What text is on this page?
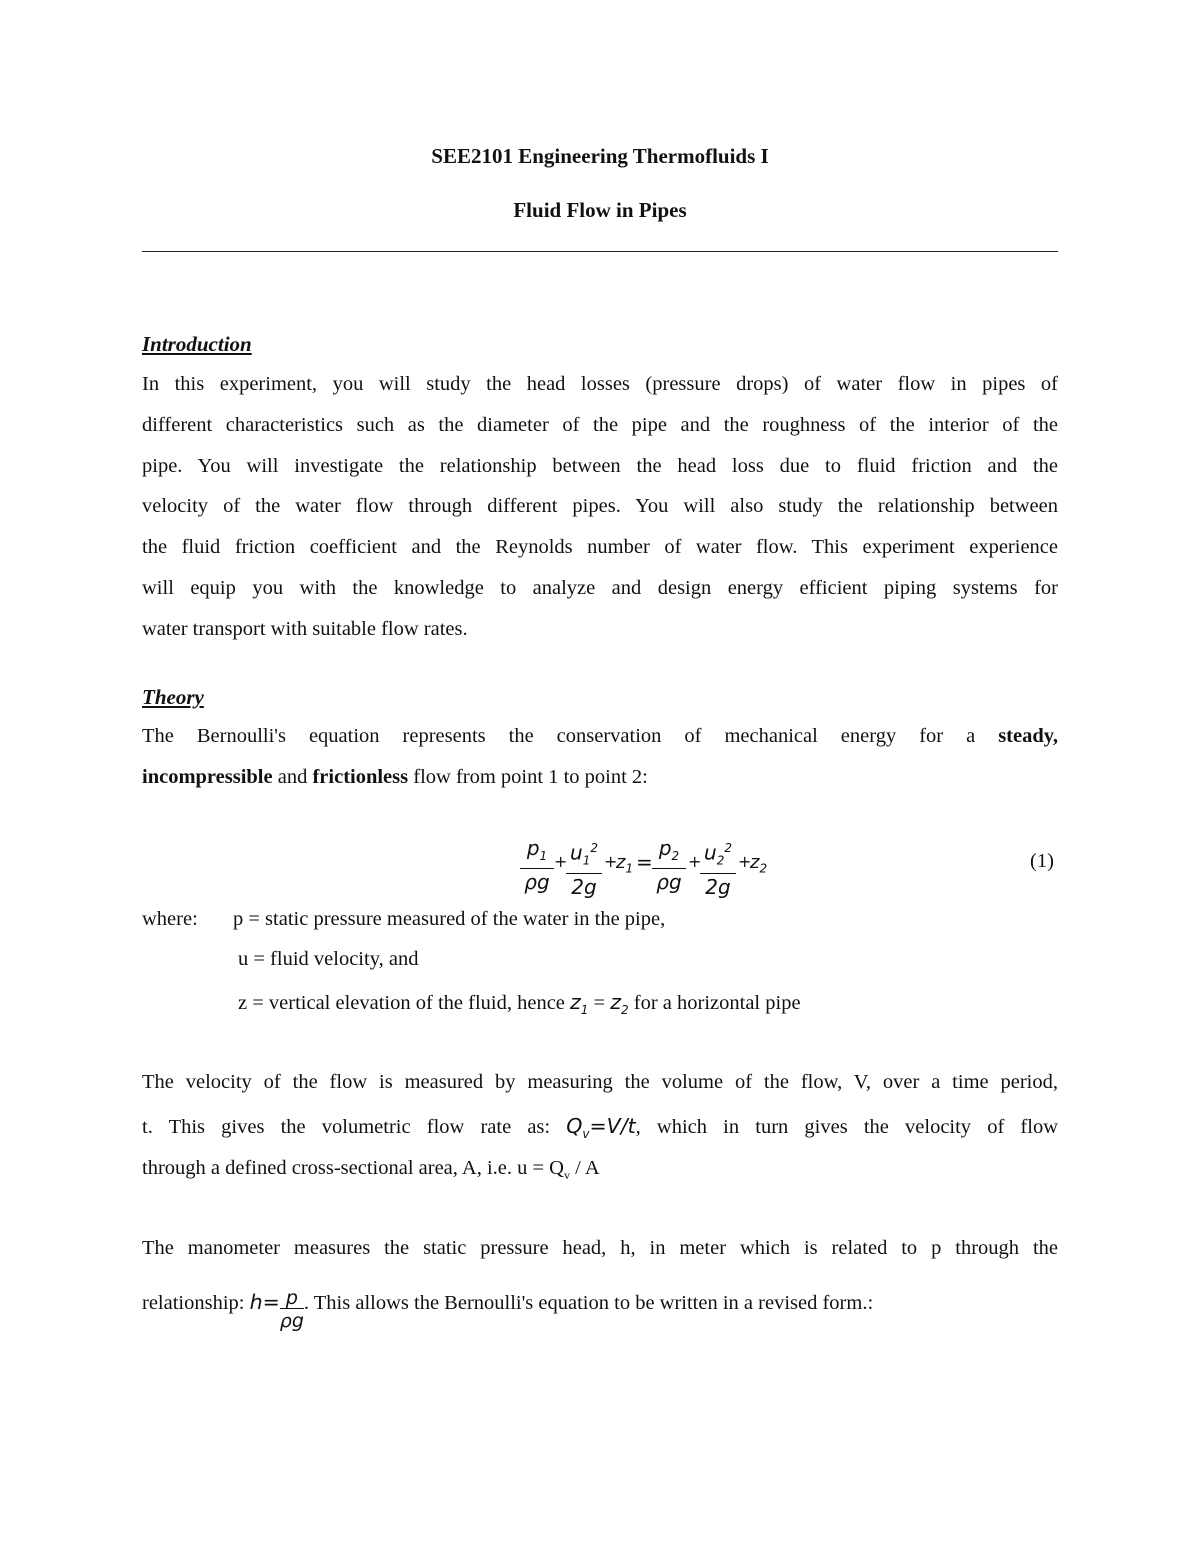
SEE2101 Engineering Thermofluids I
Fluid Flow in Pipes
Introduction
In this experiment, you will study the head losses (pressure drops) of water flow in pipes of
different characteristics such as the diameter of the pipe and the roughness of the interior of the
pipe. You will investigate the relationship between the head loss due to fluid friction and the
velocity of the water flow through different pipes. You will also study the relationship between
the fluid friction coefficient and the Reynolds number of water flow. This experiment experience
will equip you with the knowledge to analyze and design energy efficient piping systems for
water transport with suitable flow rates.
Theory
The Bernoulli's equation represents the conservation of mechanical energy for a steady,
incompressible and frictionless flow from point 1 to point 2:
$\frac{p_1}{\rho g}$ +
$\frac{u_1^2}{2g}$ +
$z_1 = \frac{p_2}{\rho g}$ +
$\frac{u_2^2}{2g}$ +
$z_2$	(1)
where: p = static pressure measured of the water in the pipe,
u = fluid velocity, and
z = vertical elevation of the fluid, hence $z_1 = z_2$ for a horizontal pipe
The velocity of the flow is measured by measuring the volume of the flow, V, over a time period,
t. This gives the volumetric flow rate as: $Q_v=V/t$, which in turn gives the velocity of flow
through a defined cross-sectional area, A, i.e. $u = Q_v / A$
The manometer measures the static pressure head, h, in meter which is related to p through the
relationship: $h= \frac{p}{\rho g}$ . This allows the Bernoulli's equation to be written in a revised form.:
